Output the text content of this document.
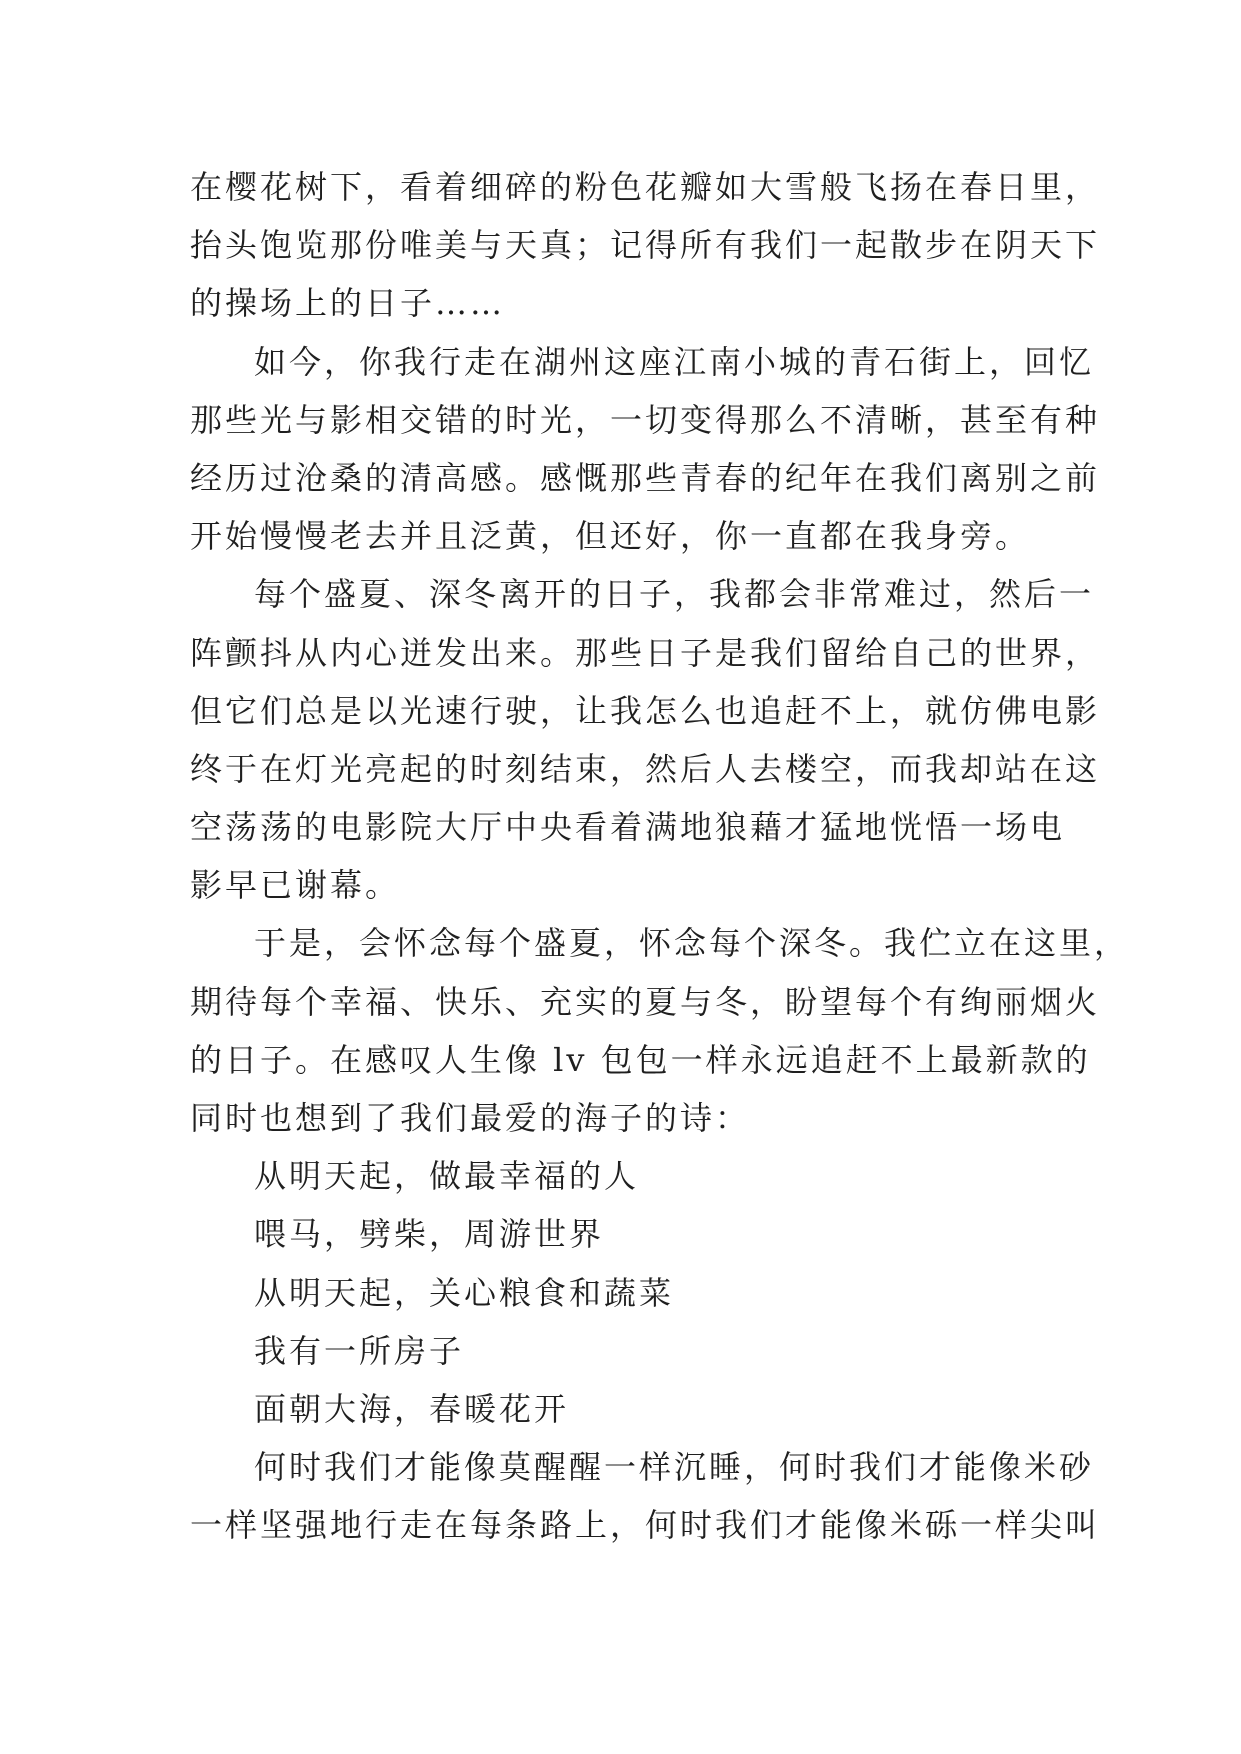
在樱花树下，看着细碎的粉色花瓣如大雪般飞扬在春日里，
抬头饱览那份唯美与天真；记得所有我们一起散步在阴天下
的操场上的日子……
如今，你我行走在湖州这座江南小城的青石街上，回忆
那些光与影相交错的时光，一切变得那么不清晰，甚至有种
经历过沧桑的清高感。感慨那些青春的纪年在我们离别之前
开始慢慢老去并且泛黄，但还好，你一直都在我身旁。
每个盛夏、深冬离开的日子，我都会非常难过，然后一
阵颤抖从内心迸发出来。那些日子是我们留给自己的世界，
但它们总是以光速行驶，让我怎么也追赶不上，就仿佛电影
终于在灯光亮起的时刻结束，然后人去楼空，而我却站在这
空荡荡的电影院大厅中央看着满地狼藉才猛地恍悟一场电
影早已谢幕。
于是，会怀念每个盛夏，怀念每个深冬。我伫立在这里，
期待每个幸福、快乐、充实的夏与冬，盼望每个有绚丽烟火
的日子。在感叹人生像 lv 包包一样永远追赶不上最新款的
同时也想到了我们最爱的海子的诗：
从明天起，做最幸福的人
喂马，劈柴，周游世界
从明天起，关心粮食和蔬菜
我有一所房子
面朝大海，春暖花开
何时我们才能像莫醒醒一样沉睡，何时我们才能像米砂
一样坚强地行走在每条路上，何时我们才能像米砾一样尖叫
